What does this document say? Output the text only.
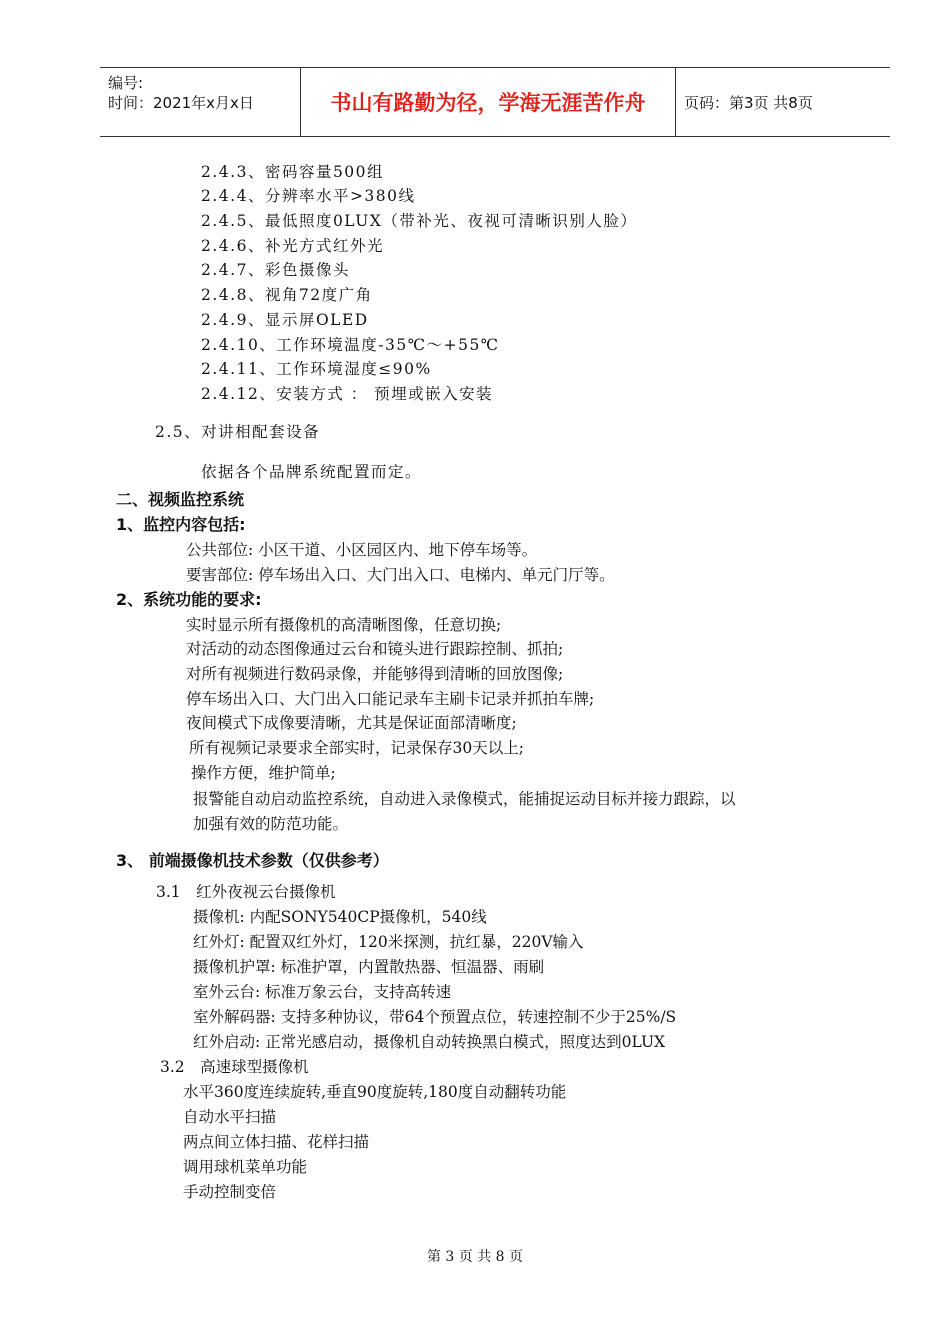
编号:
时间：2021年x月x日	书山有路勤为径，学海无涯苦作舟	页码：第3页 共8页
2.4.3、密码容量500组
2.4.4、分辨率水平>380线
2.4.5、最低照度0LUX（带补光、夜视可清晰识别人脸）
2.4.6、补光方式红外光
2.4.7、彩色摄像头
2.4.8、视角72度广角
2.4.9、显示屏OLED
2.4.10、工作环境温度-35℃～+55℃
2.4.11、工作环境湿度≤90%
2.4.12、安装方式 ： 预埋或嵌入安装
2.5、对讲相配套设备
依据各个品牌系统配置而定。
二、视频监控系统
1、监控内容包括:
公共部位: 小区干道、小区园区内、地下停车场等。
要害部位: 停车场出入口、大门出入口、电梯内、单元门厅等。
2、系统功能的要求:
实时显示所有摄像机的高清晰图像，任意切换;
对活动的动态图像通过云台和镜头进行跟踪控制、抓拍;
对所有视频进行数码录像，并能够得到清晰的回放图像;
停车场出入口、大门出入口能记录车主刷卡记录并抓拍车牌;
夜间模式下成像要清晰，尤其是保证面部清晰度;
所有视频记录要求全部实时，记录保存30天以上;
操作方便，维护简单;
报警能自动启动监控系统，自动进入录像模式，能捕捉运动目标并接力跟踪，以
加强有效的防范功能。
3、 前端摄像机技术参数（仅供参考）
3.1　红外夜视云台摄像机
摄像机: 内配SONY540CP摄像机，540线
红外灯: 配置双红外灯，120米探测，抗红暴，220V输入
摄像机护罩: 标准护罩，内置散热器、恒温器、雨刷
室外云台: 标准万象云台，支持高转速
室外解码器: 支持多种协议，带64个预置点位，转速控制不少于25%/S
红外启动: 正常光感启动，摄像机自动转换黑白模式，照度达到0LUX
3.2　高速球型摄像机
水平360度连续旋转,垂直90度旋转,180度自动翻转功能
自动水平扫描
两点间立体扫描、花样扫描
调用球机菜单功能
手动控制变倍
第 3 页 共 8 页
